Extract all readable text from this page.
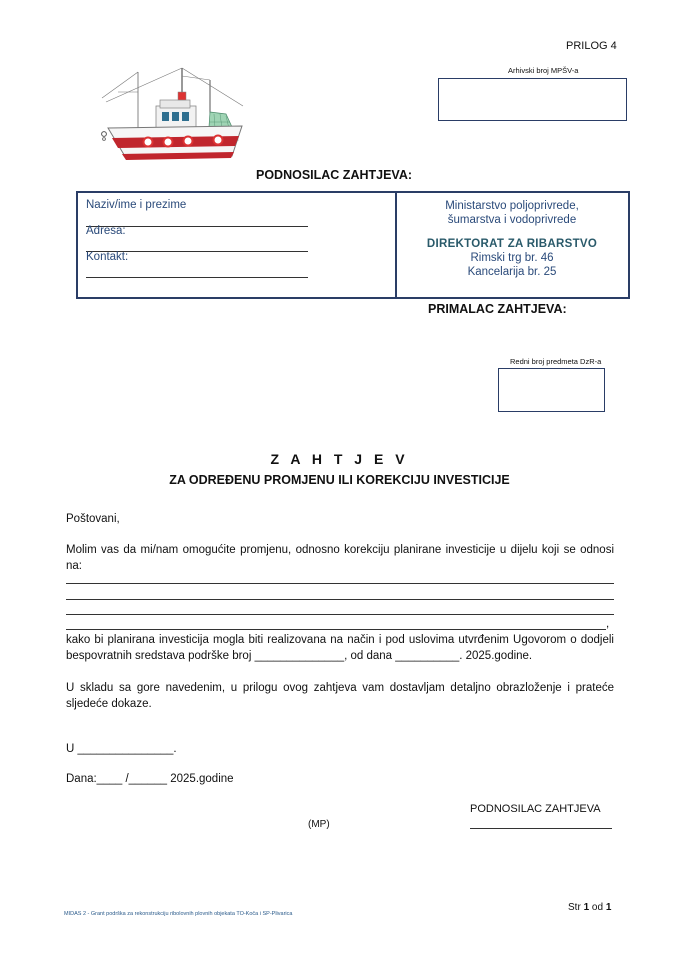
PRILOG 4
Arhivski broj MPŠV-a
PODNOSILAC ZAHTJEVA:
Naziv/ime i prezime
Adresa:
Kontakt:
Ministarstvo poljoprivrede,
šumarstva i vodoprivrede
DIREKTORAT ZA RIBARSTVO
Rimski trg br. 46
Kancelarija br. 25
PRIMALAC ZAHTJEVA:
Redni broj predmeta DzR-a
Z A H T J E V
ZA ODREĐENU PROMJENU ILI KOREKCIJU INVESTICIJE
Poštovani,
Molim vas da mi/nam omogućite promjenu, odnosno korekciju planirane investicije u dijelu koji se odnosi na:
,
kako bi planirana investicija mogla biti realizovana na način i pod uslovima utvrđenim Ugovorom o dodjeli bespovratnih sredstava podrške broj ______________, od dana __________. 2025.godine.
U skladu sa gore navedenim, u prilogu ovog zahtjeva vam dostavljam detaljno obrazloženje i prateće sljedeće dokaze.
U _______________.
Dana:____ /______ 2025.godine
PODNOSILAC ZAHTJEVA
(MP)
MIDAS 2 - Grant podrška za rekonstrukciju ribolovnih plovnih objekata TO-Koča i SP-Plivarica
Str 1 od 1
